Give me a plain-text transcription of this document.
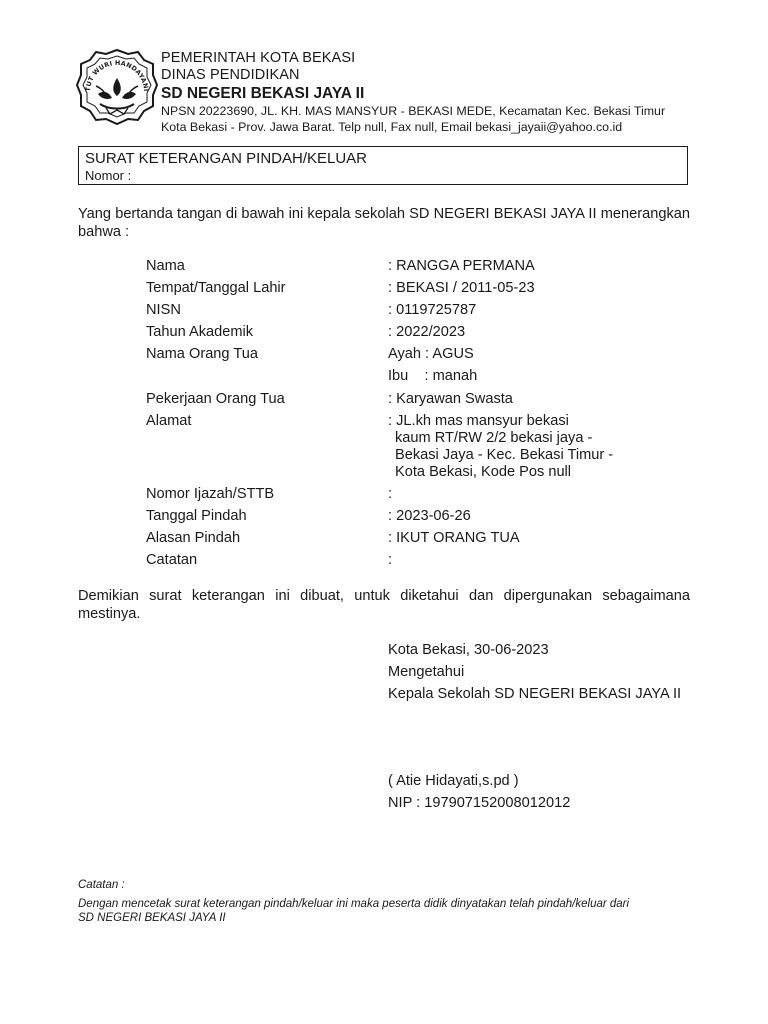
TUT WURI HANDAYANI
PEMERINTAH KOTA BEKASI
DINAS PENDIDIKAN
SD NEGERI BEKASI JAYA II
NPSN 20223690, JL. KH. MAS MANSYUR - BEKASI MEDE, Kecamatan Kec. Bekasi Timur
Kota Bekasi - Prov. Jawa Barat. Telp null, Fax null, Email bekasi_jayaii@yahoo.co.id
SURAT KETERANGAN PINDAH/KELUAR
Nomor :
Yang bertanda tangan di bawah ini kepala sekolah SD NEGERI BEKASI JAYA II menerangkan bahwa :
Nama	: RANGGA PERMANA
Tempat/Tanggal Lahir	: BEKASI / 2011-05-23
NISN	: 0119725787
Tahun Akademik	: 2022/2023
Nama Orang Tua	Ayah : AGUS
Ibu    : manah
Pekerjaan Orang Tua	: Karyawan Swasta
Alamat	: JL.kh mas mansyur bekasi
kaum RT/RW 2/2 bekasi jaya -
Bekasi Jaya - Kec. Bekasi Timur -
Kota Bekasi, Kode Pos null
Nomor Ijazah/STTB	:
Tanggal Pindah	: 2023-06-26
Alasan Pindah	: IKUT ORANG TUA
Catatan	:
Demikian surat keterangan ini dibuat, untuk diketahui dan dipergunakan sebagaimana mestinya.
Kota Bekasi, 30-06-2023
Mengetahui
Kepala Sekolah SD NEGERI BEKASI JAYA II
( Atie Hidayati,s.pd )
NIP : 197907152008012012
Catatan :
Dengan mencetak surat keterangan pindah/keluar ini maka peserta didik dinyatakan telah pindah/keluar dari
SD NEGERI BEKASI JAYA II
